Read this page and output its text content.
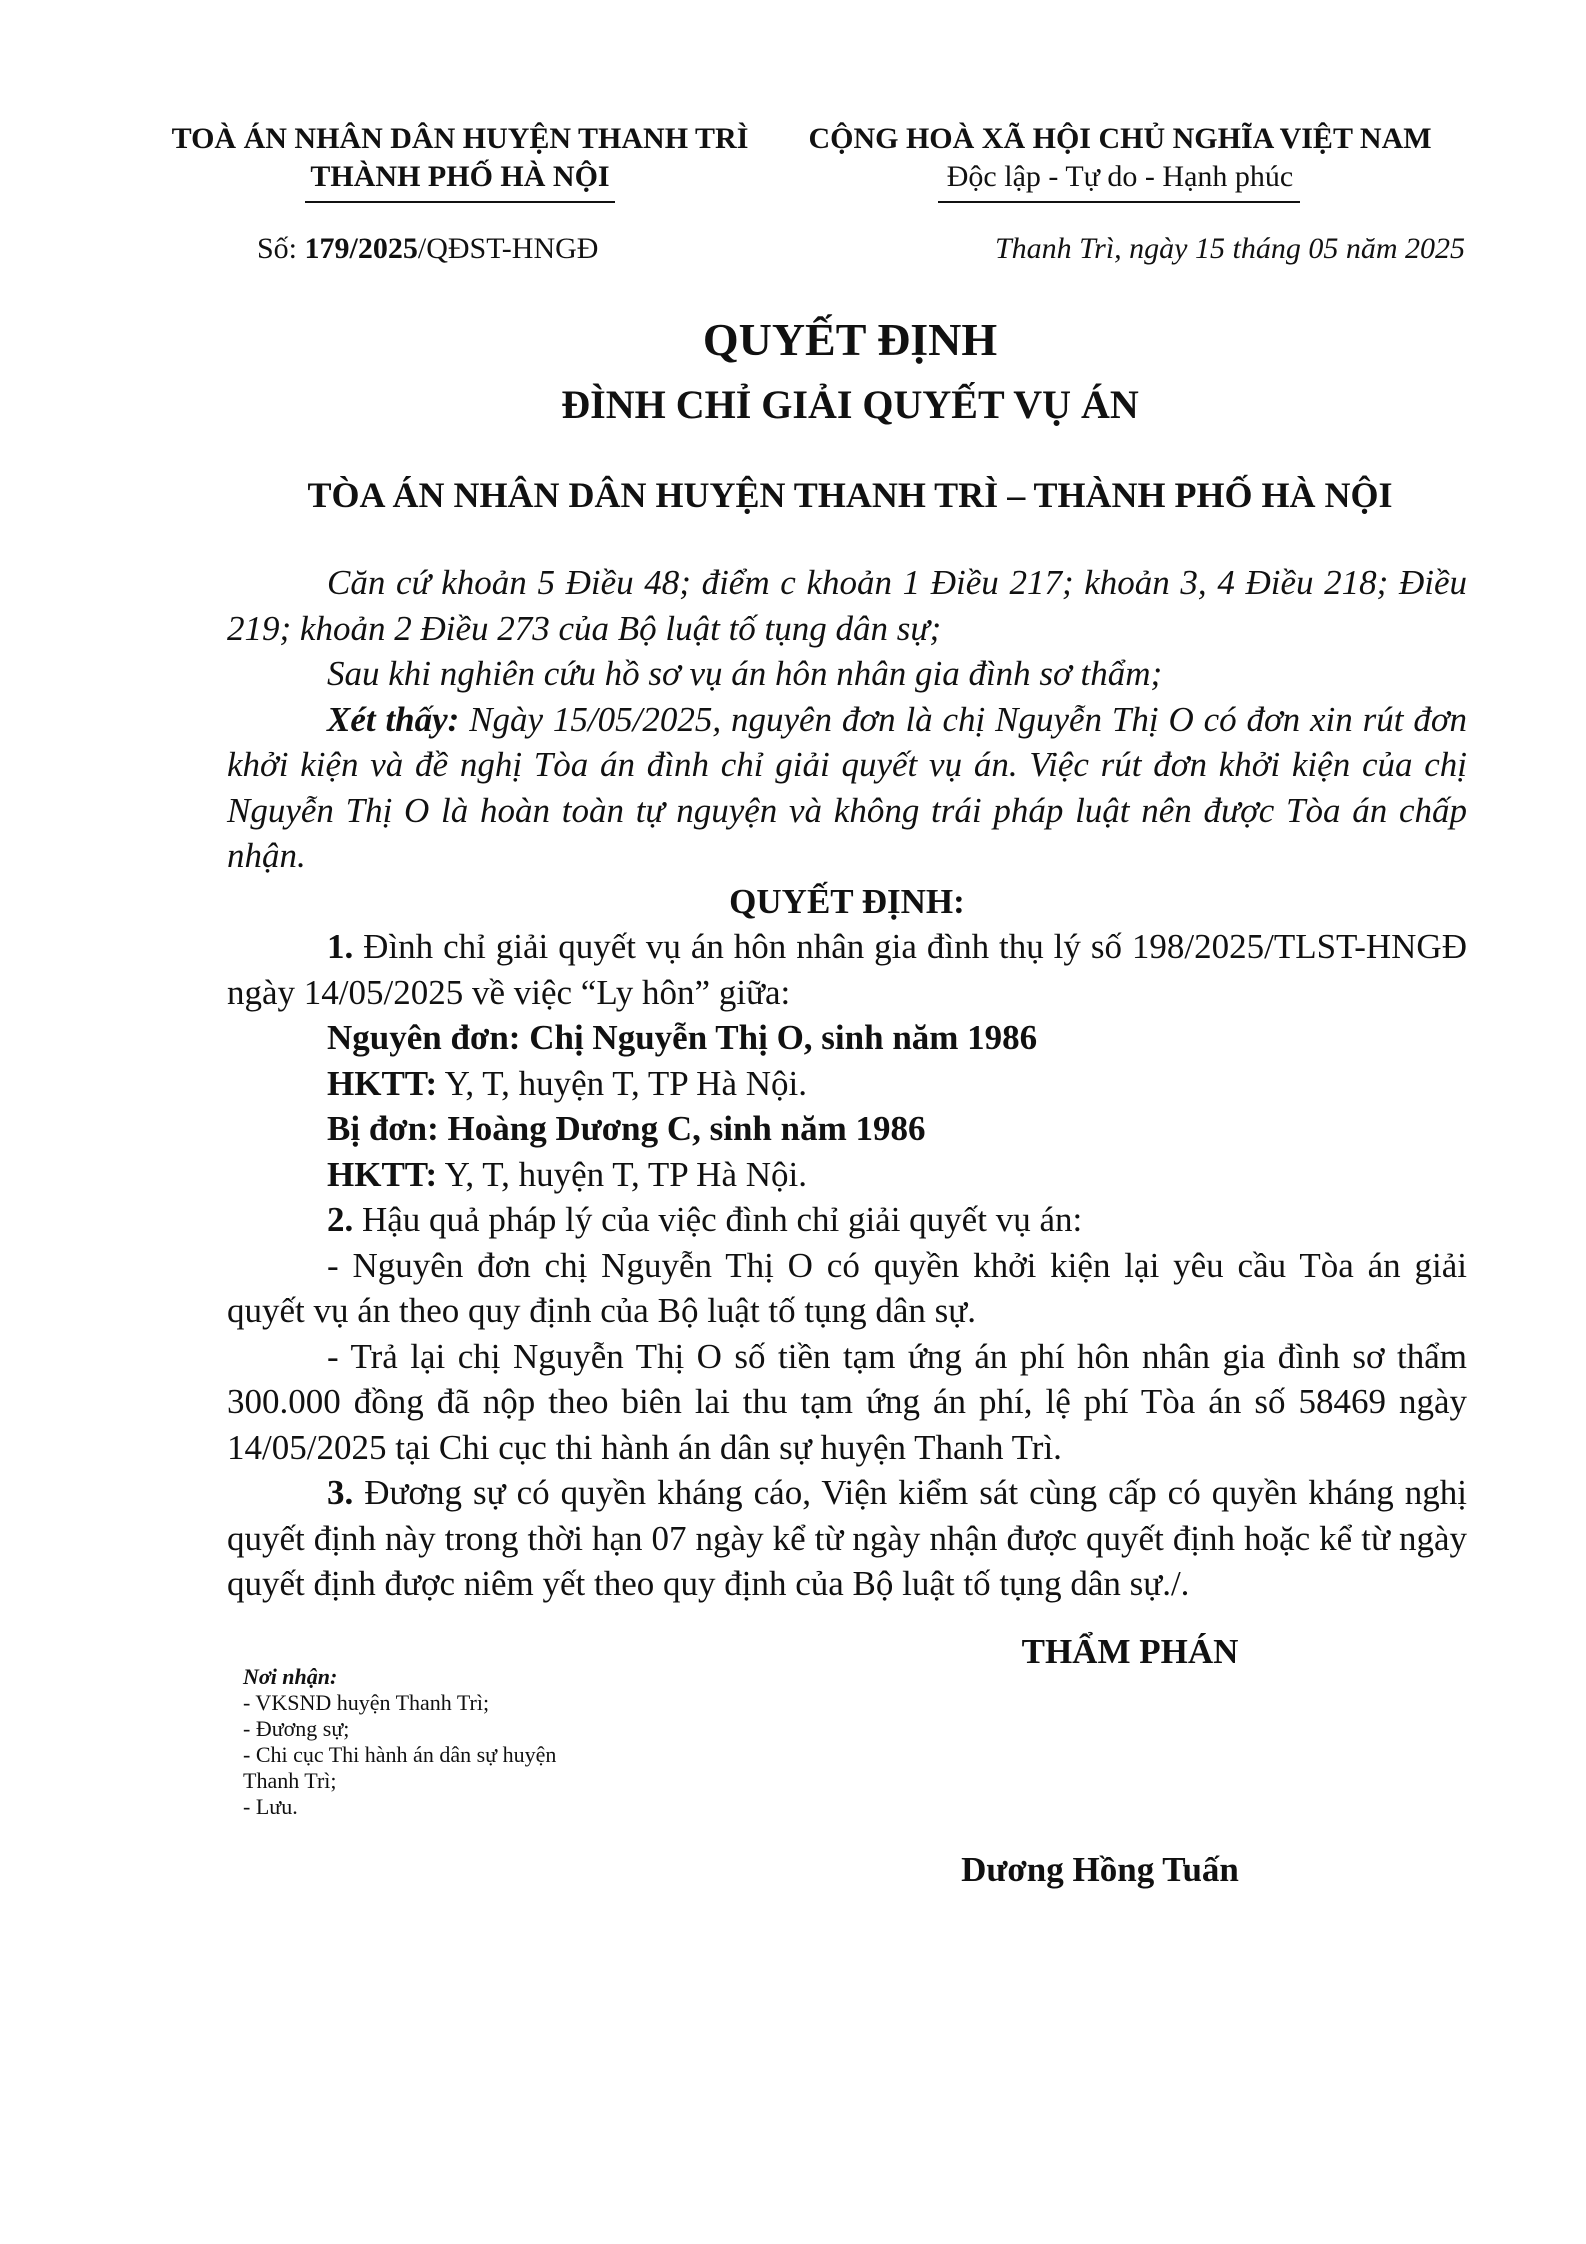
TOÀ ÁN NHÂN DÂN HUYỆN THANH TRÌ
THÀNH PHỐ HÀ NỘI
CỘNG HOÀ XÃ HỘI CHỦ NGHĨA VIỆT NAM
Độc lập - Tự do - Hạnh phúc
Số: 179/2025/QĐST-HNGĐ	Thanh Trì, ngày 15 tháng 05 năm 2025
QUYẾT ĐỊNH
ĐÌNH CHỈ GIẢI QUYẾT VỤ ÁN
TÒA ÁN NHÂN DÂN HUYỆN THANH TRÌ – THÀNH PHỐ HÀ NỘI

Căn cứ khoản 5 Điều 48; điểm c khoản 1 Điều 217; khoản 3, 4 Điều 218; Điều 219; khoản 2 Điều 273 của Bộ luật tố tụng dân sự;

Sau khi nghiên cứu hồ sơ vụ án hôn nhân gia đình sơ thẩm;

Xét thấy: Ngày 15/05/2025, nguyên đơn là chị Nguyễn Thị O có đơn xin rút đơn khởi kiện và đề nghị Tòa án đình chỉ giải quyết vụ án. Việc rút đơn khởi kiện của chị Nguyễn Thị O là hoàn toàn tự nguyện và không trái pháp luật nên được Tòa án chấp nhận.

QUYẾT ĐỊNH:

1. Đình chỉ giải quyết vụ án hôn nhân gia đình thụ lý số 198/2025/TLST-HNGĐ ngày 14/05/2025 về việc “Ly hôn” giữa:

Nguyên đơn: Chị Nguyễn Thị O, sinh năm 1986

HKTT: Y, T, huyện T, TP Hà Nội.

Bị đơn: Hoàng Dương C, sinh năm 1986

HKTT: Y, T, huyện T, TP Hà Nội.

2. Hậu quả pháp lý của việc đình chỉ giải quyết vụ án:

- Nguyên đơn chị Nguyễn Thị O có quyền khởi kiện lại yêu cầu Tòa án giải quyết vụ án theo quy định của Bộ luật tố tụng dân sự.

- Trả lại chị Nguyễn Thị O số tiền tạm ứng án phí hôn nhân gia đình sơ thẩm 300.000 đồng đã nộp theo biên lai thu tạm ứng án phí, lệ phí Tòa án số 58469 ngày 14/05/2025 tại Chi cục thi hành án dân sự huyện Thanh Trì.

3. Đương sự có quyền kháng cáo, Viện kiểm sát cùng cấp có quyền kháng nghị quyết định này trong thời hạn 07 ngày kể từ ngày nhận được quyết định hoặc kể từ ngày quyết định được niêm yết theo quy định của Bộ luật tố tụng dân sự./.

THẨM PHÁN
Dương Hồng Tuấn
Nơi nhận:
- VKSND huyện Thanh Trì;
- Đương sự;
- Chi cục Thi hành án dân sự huyện
Thanh Trì;
- Lưu.
